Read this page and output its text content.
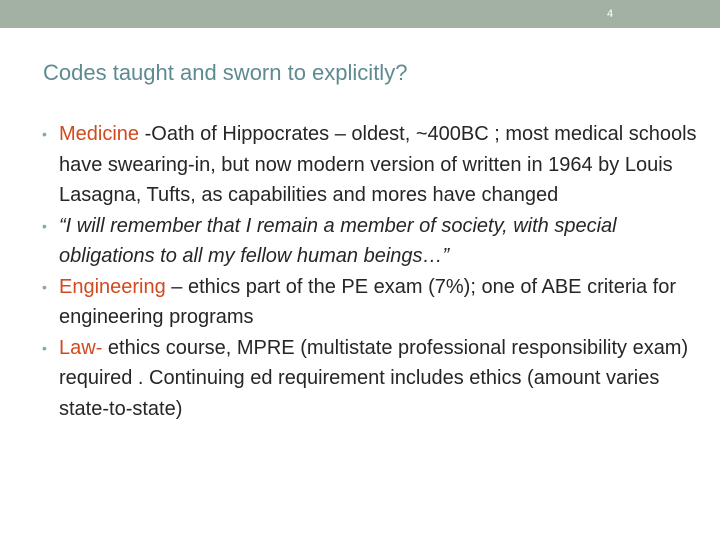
4
Codes taught and sworn to explicitly?
• Medicine -Oath of Hippocrates – oldest, ~400BC ; most medical schools have swearing-in, but now modern version of written in 1964 by Louis Lasagna, Tufts, as capabilities and mores have changed
• “I will remember that I remain a member of society, with special obligations to all my fellow human beings…”
• Engineering – ethics part of the PE exam (7%); one of ABE criteria for engineering programs
• Law- ethics course, MPRE (multistate professional responsibility exam) required . Continuing ed requirement includes ethics (amount varies state-to-state)
